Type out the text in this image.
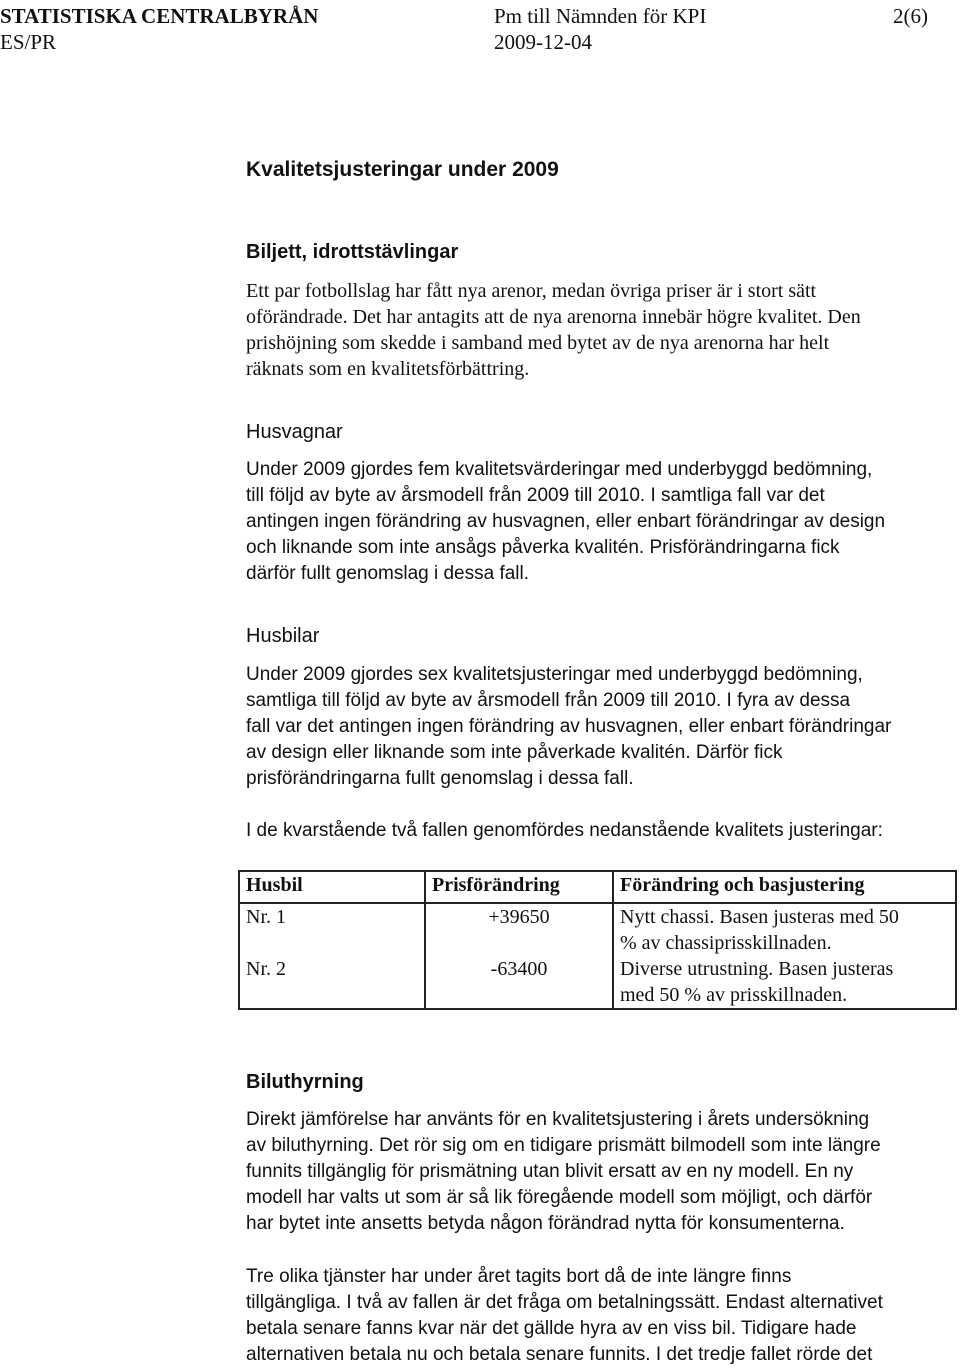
STATISTISKA CENTRALBYRÅN
ES/PR
Pm till Nämnden för KPI
2009-12-04
2(6)
Kvalitetsjusteringar under 2009
Biljett, idrottstävlingar
Ett par fotbollslag har fått nya arenor, medan övriga priser är i stort sätt
oförändrade. Det har antagits att de nya arenorna innebär högre kvalitet. Den
prishöjning som skedde i samband med bytet av de nya arenorna har helt
räknats som en kvalitetsförbättring.
Husvagnar
Under 2009 gjordes fem kvalitetsvärderingar med underbyggd bedömning,
till följd av byte av årsmodell från 2009 till 2010. I samtliga fall var det
antingen ingen förändring av husvagnen, eller enbart förändringar av design
och liknande som inte ansågs påverka kvalitén. Prisförändringarna fick
därför fullt genomslag i dessa fall.
Husbilar
Under 2009 gjordes sex kvalitetsjusteringar med underbyggd bedömning,
samtliga till följd av byte av årsmodell från 2009 till 2010. I fyra av dessa
fall var det antingen ingen förändring av husvagnen, eller enbart förändringar
av design eller liknande som inte påverkade kvalitén. Därför fick
prisförändringarna fullt genomslag i dessa fall.
I de kvarstående två fallen genomfördes nedanstående kvalitets justeringar:
Husbil	Prisförändring	Förändring och basjustering
Nr. 1	+39650	Nytt chassi. Basen justeras med 50
% av chassiprisskillnaden.

Nr. 2	-63400	Diverse utrustning. Basen justeras
med 50 % av prisskillnaden.
Biluthyrning
Direkt jämförelse har använts för en kvalitetsjustering i årets undersökning
av biluthyrning. Det rör sig om en tidigare prismätt bilmodell som inte längre
funnits tillgänglig för prismätning utan blivit ersatt av en ny modell. En ny
modell har valts ut som är så lik föregående modell som möjligt, och därför
har bytet inte ansetts betyda någon förändrad nytta för konsumenterna.
Tre olika tjänster har under året tagits bort då de inte längre finns
tillgängliga. I två av fallen är det fråga om betalningssätt. Endast alternativet
betala senare fanns kvar när det gällde hyra av en viss bil. Tidigare hade
alternativen betala nu och betala senare funnits. I det tredje fallet rörde det
